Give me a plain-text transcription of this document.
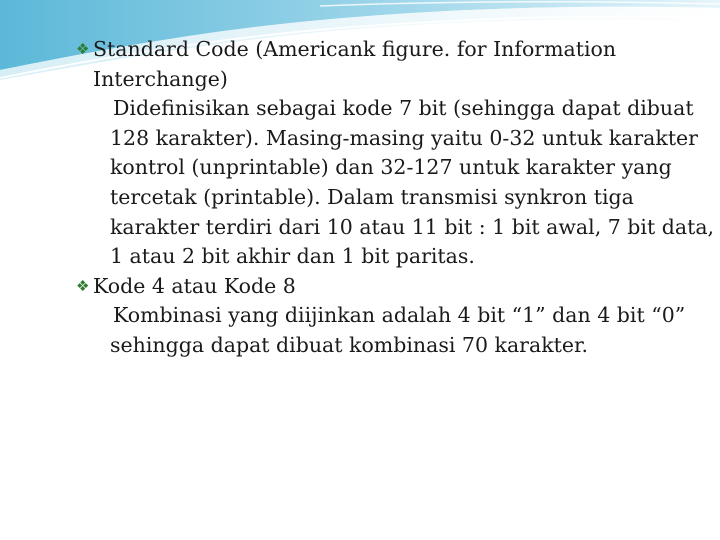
❖ Standard Code (Americank figure. for Information Interchange)
Didefinisikan sebagai kode 7 bit (sehingga dapat dibuat 128 karakter). Masing-masing yaitu 0-32 untuk karakter kontrol (unprintable) dan 32-127 untuk karakter yang tercetak (printable). Dalam transmisi synkron tiga karakter terdiri dari 10 atau 11 bit : 1 bit awal, 7 bit data, 1 atau 2 bit akhir dan 1 bit paritas.
❖ Kode 4 atau Kode 8
Kombinasi yang diijinkan adalah 4 bit “1” dan 4 bit “0” sehingga dapat dibuat kombinasi 70 karakter.
